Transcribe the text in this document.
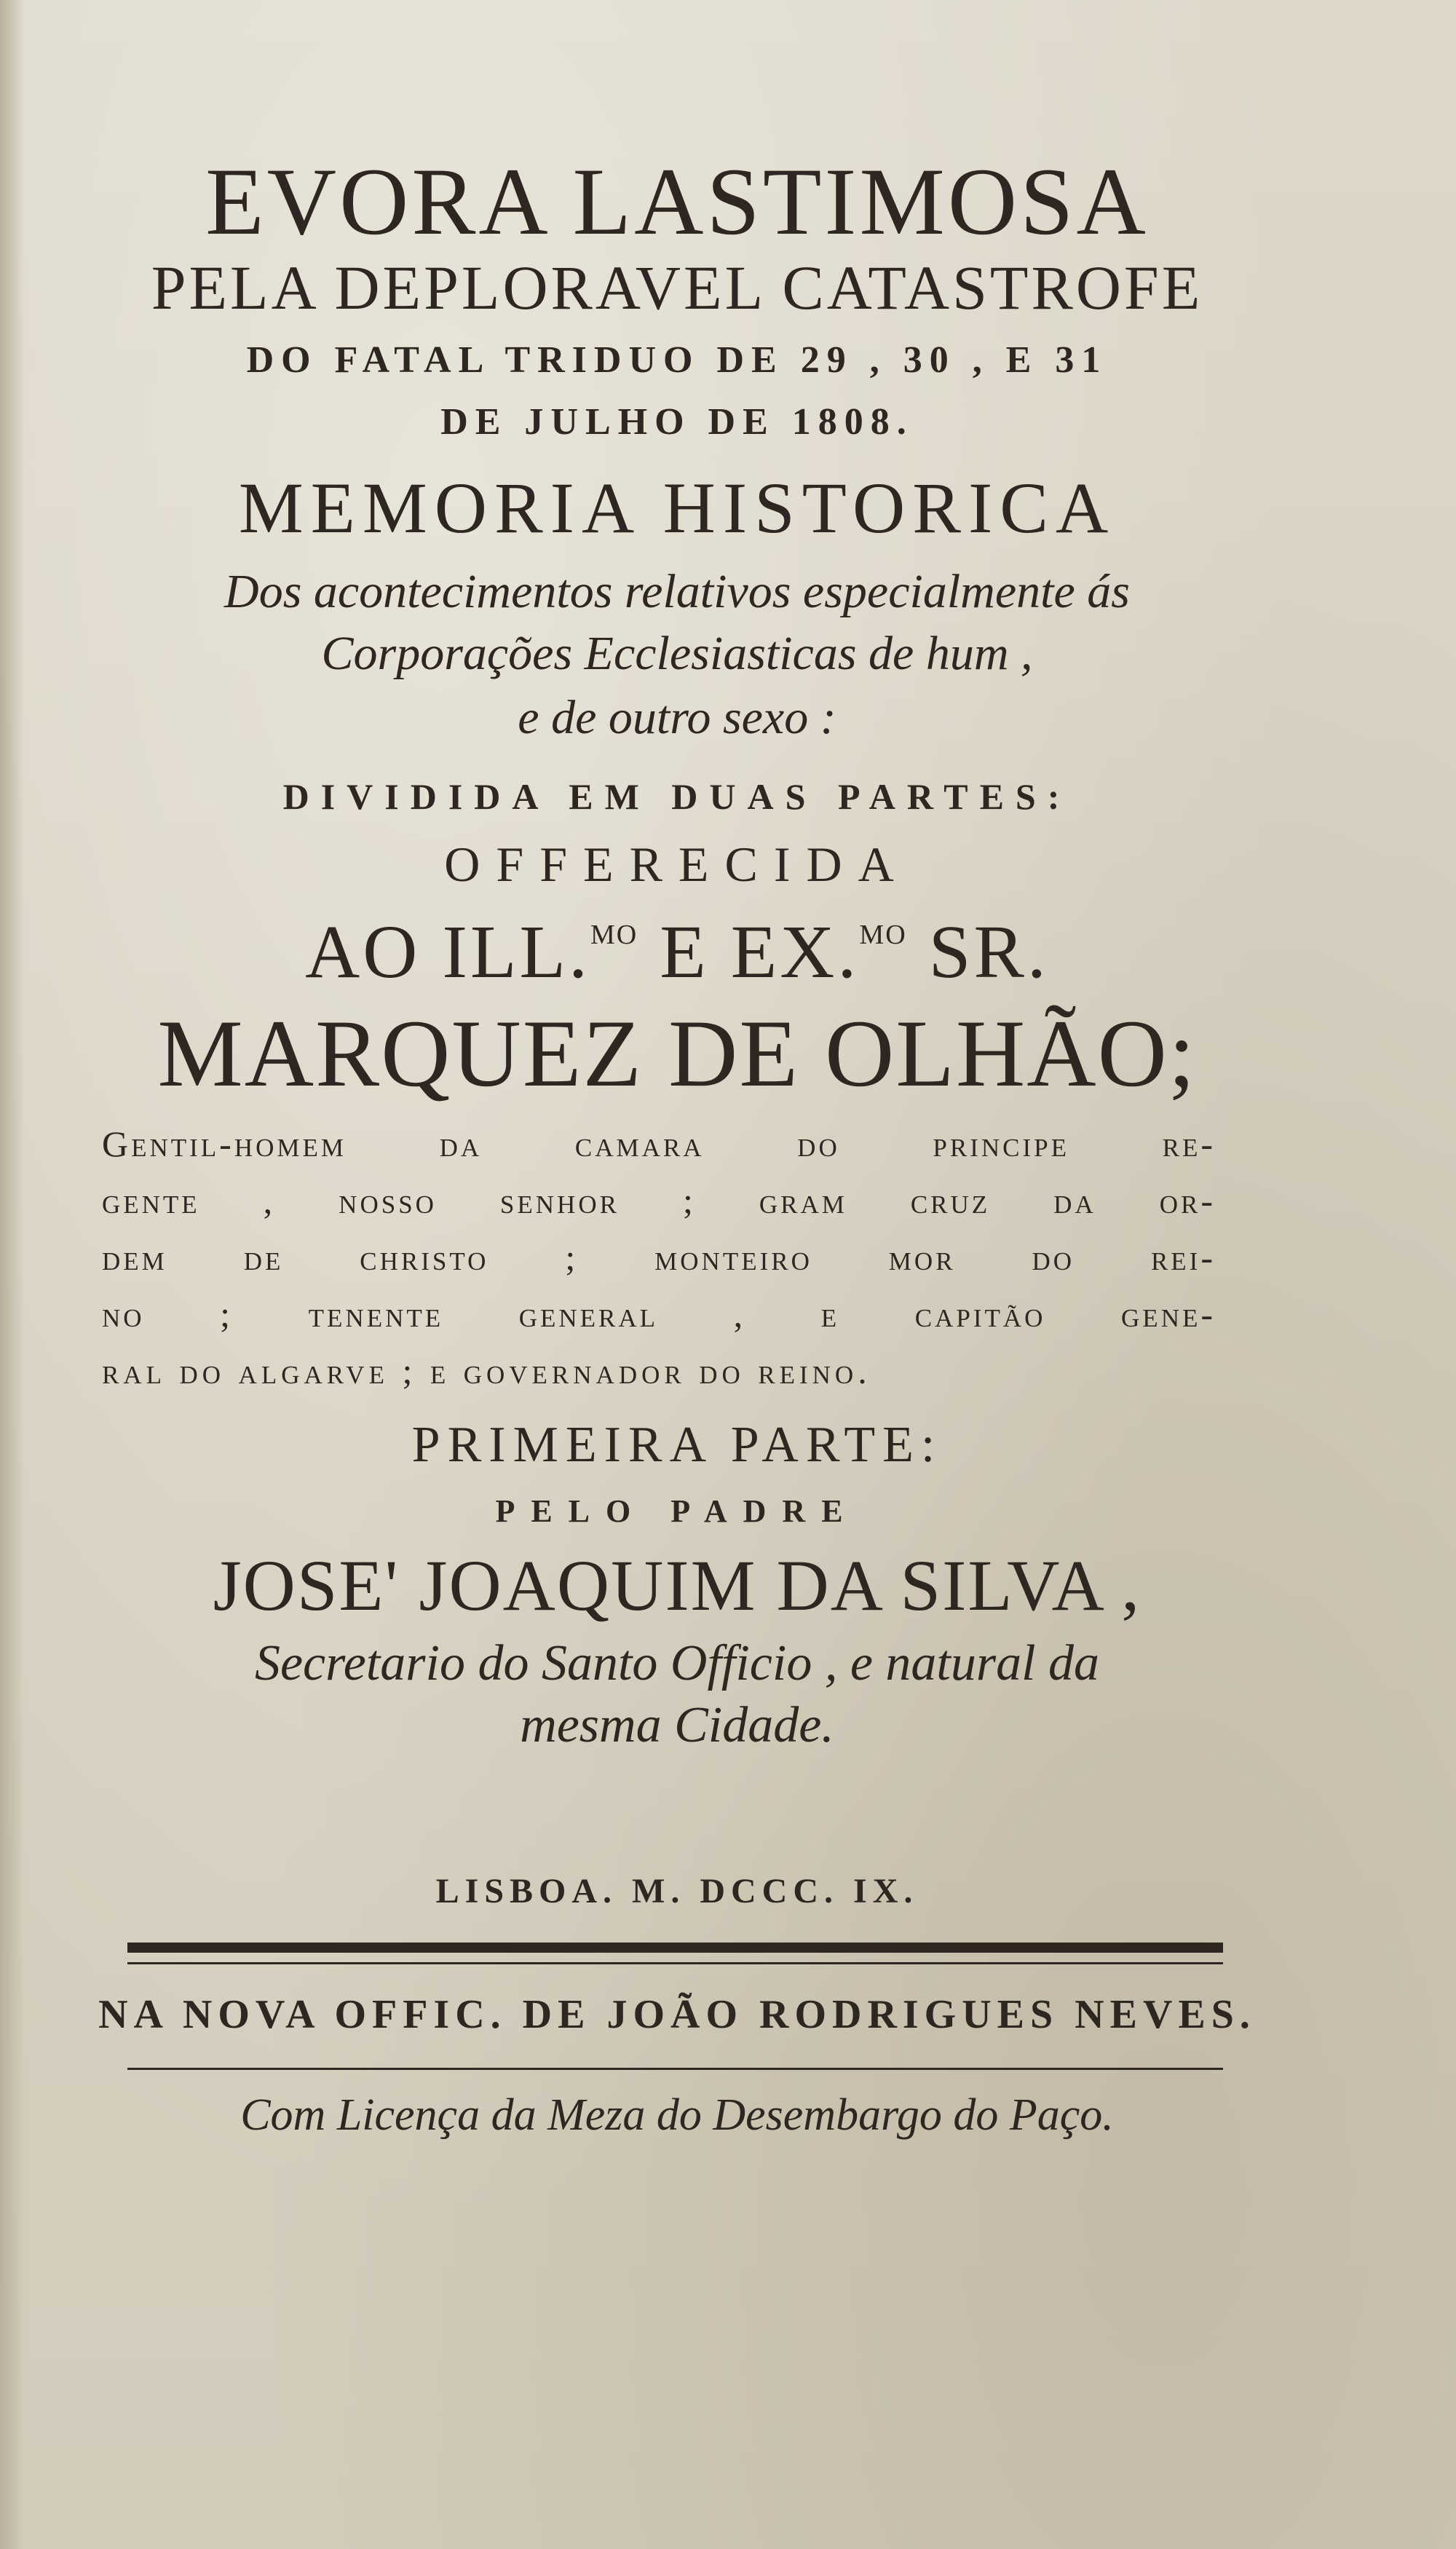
EVORA LASTIMOSA
PELA DEPLORAVEL CATASTROFE
DO FATAL TRIDUO DE 29 , 30 , E 31
DE JULHO DE 1808.
MEMORIA HISTORICA
Dos acontecimentos relativos especialmente ás
Corporações Ecclesiasticas de hum ,
e de outro sexo :
DIVIDIDA EM DUAS PARTES:
OFFERECIDA
AO ILL.$^{MO}$ E EX.$^{MO}$ SR.
MARQUEZ DE OLHÃO;
Gentil-homem da camara do principe re-
gente , nosso senhor ; gram cruz da or-
dem de christo ; monteiro mor do rei-
no ; tenente general , e capitão gene-
ral do algarve ; e governador do reino.
PRIMEIRA PARTE:
PELO PADRE
JOSE' JOAQUIM DA SILVA ,
Secretario do Santo Officio , e natural da
mesma Cidade.
LISBOA. M. DCCC. IX.
NA NOVA OFFIC. DE JOÃO RODRIGUES NEVES.
Com Licença da Meza do Desembargo do Paço.
